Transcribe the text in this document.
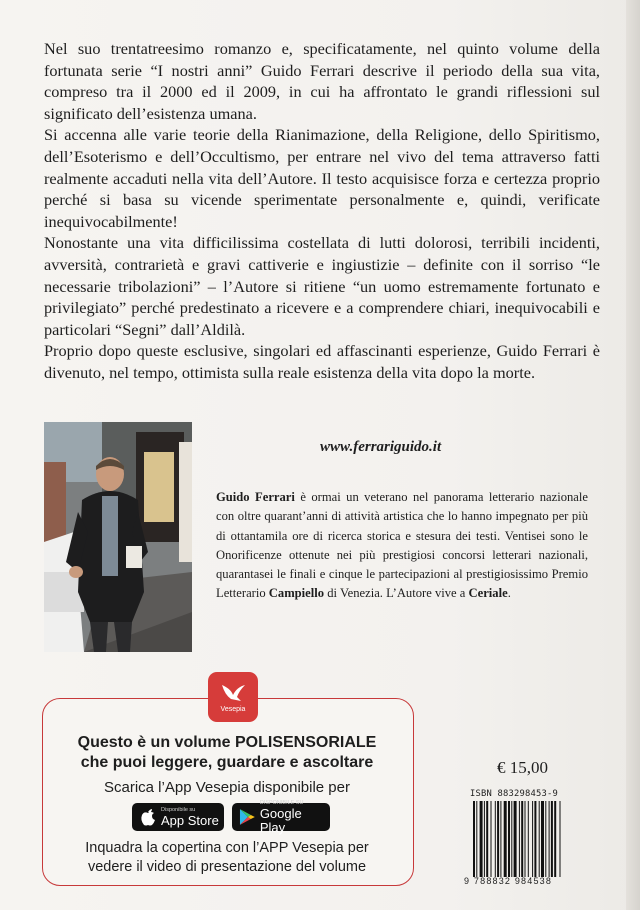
Nel suo trentatreesimo romanzo e, specificatamente, nel quinto volume della fortunata serie “I nostri anni” Guido Ferrari descrive il periodo della sua vita, compreso tra il 2000 ed il 2009, in cui ha affrontato le grandi riflessioni sul significato dell’esistenza umana.

Si accenna alle varie teorie della Rianimazione, della Religione, dello Spiritismo, dell’Esoterismo e dell’Occultismo, per entrare nel vivo del tema attraverso fatti realmente accaduti nella vita dell’Autore. Il testo acquisisce forza e certezza proprio perché si basa su vicende sperimentate personalmente e, quindi, verificate inequivocabilmente!

Nonostante una vita difficilissima costellata di lutti dolorosi, terribili incidenti, avversità, contrarietà e gravi cattiverie e ingiustizie – definite con il sorriso “le necessarie tribolazioni” – l’Autore si ritiene “un uomo estremamente fortunato e privilegiato” perché predestinato a ricevere e a comprendere chiari, inequivocabili e particolari “Segni” dall’Aldilà.

Proprio dopo queste esclusive, singolari ed affascinanti esperienze, Guido Ferrari è divenuto, nel tempo, ottimista sulla reale esistenza della vita dopo la morte.

www.ferrariguido.it
Guido Ferrari è ormai un veterano nel panorama letterario nazionale con oltre quarant’anni di attività artistica che lo hanno impegnato per più di ottantamila ore di ricerca storica e stesura dei testi. Ventisei sono le Onorificenze ottenute nei più prestigiosi concorsi letterari nazionali, quarantasei le finali e cinque le partecipazioni al prestigiosissimo Premio Letterario Campiello di Venezia. L’Autore vive a Ceriale.
Vesepia
Questo è un volume POLISENSORIALE
che puoi leggere, guardare e ascoltare
Scarica l’App Vesepia disponibile per
Disponibile su
App Store
DISPONIBILE SU
Google Play
Inquadra la copertina con l’APP Vesepia per
vedere il video di presentazione del volume
€ 15,00
ISBN 883298453-9
9 788832 984538
